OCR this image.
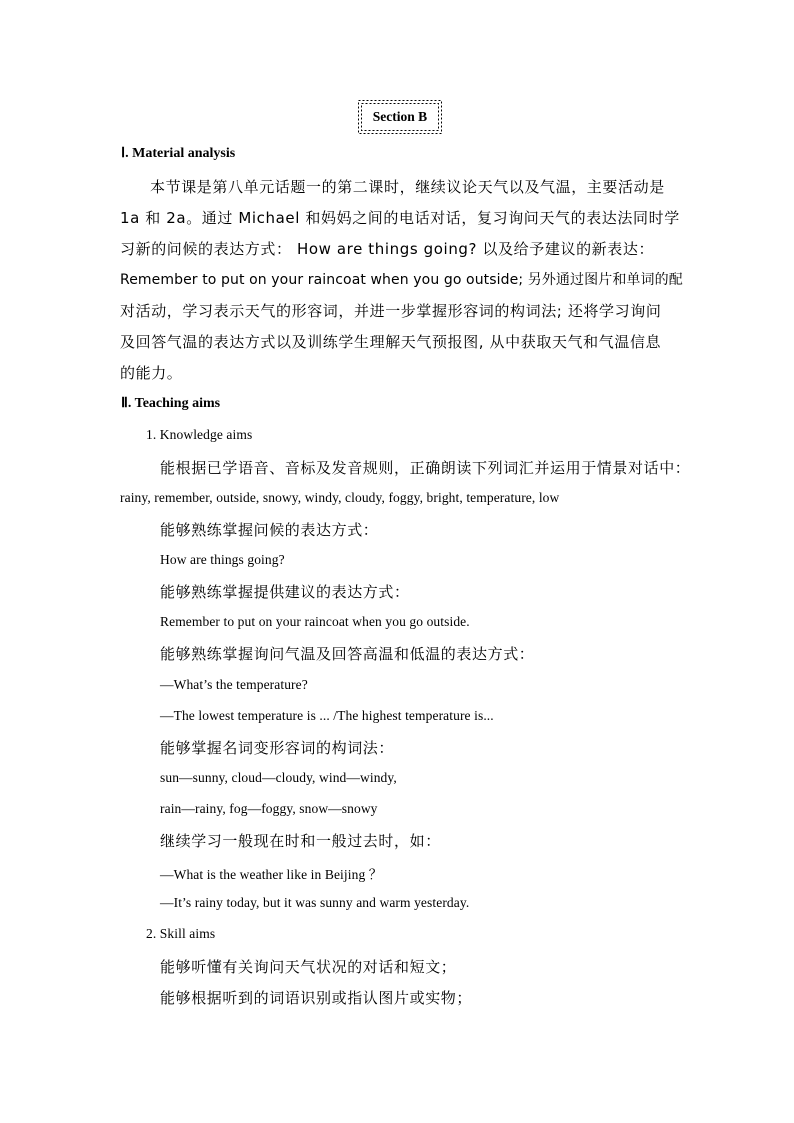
Section B
Ⅰ. Material analysis
本节课是第八单元话题一的第二课时，继续议论天气以及气温，主要活动是
1a 和 2a。通过 Michael 和妈妈之间的电话对话，复习询问天气的表达法同时学
习新的问候的表达方式： How are things going? 以及给予建议的新表达：
Remember to put on your raincoat when you go outside; 另外通过图片和单词的配
对活动，学习表示天气的形容词，并进一步掌握形容词的构词法; 还将学习询问
及回答气温的表达方式以及训练学生理解天气预报图, 从中获取天气和气温信息
的能力。
Ⅱ. Teaching aims
1. Knowledge aims
能根据已学语音、音标及发音规则，正确朗读下列词汇并运用于情景对话中：
rainy, remember, outside, snowy, windy, cloudy, foggy, bright, temperature, low
能够熟练掌握问候的表达方式：
How are things going?
能够熟练掌握提供建议的表达方式：
Remember to put on your raincoat when you go outside.
能够熟练掌握询问气温及回答高温和低温的表达方式：
—What’s the temperature?
—The lowest temperature is ... /The highest temperature is...
能够掌握名词变形容词的构词法：
sun—sunny, cloud—cloudy, wind—windy,
rain—rainy, fog—foggy, snow—snowy
继续学习一般现在时和一般过去时，如：
—What is the weather like in Beijing ？
—It’s rainy today, but it was sunny and warm yesterday.
2. Skill aims
能够听懂有关询问天气状况的对话和短文；
能够根据听到的词语识别或指认图片或实物；
